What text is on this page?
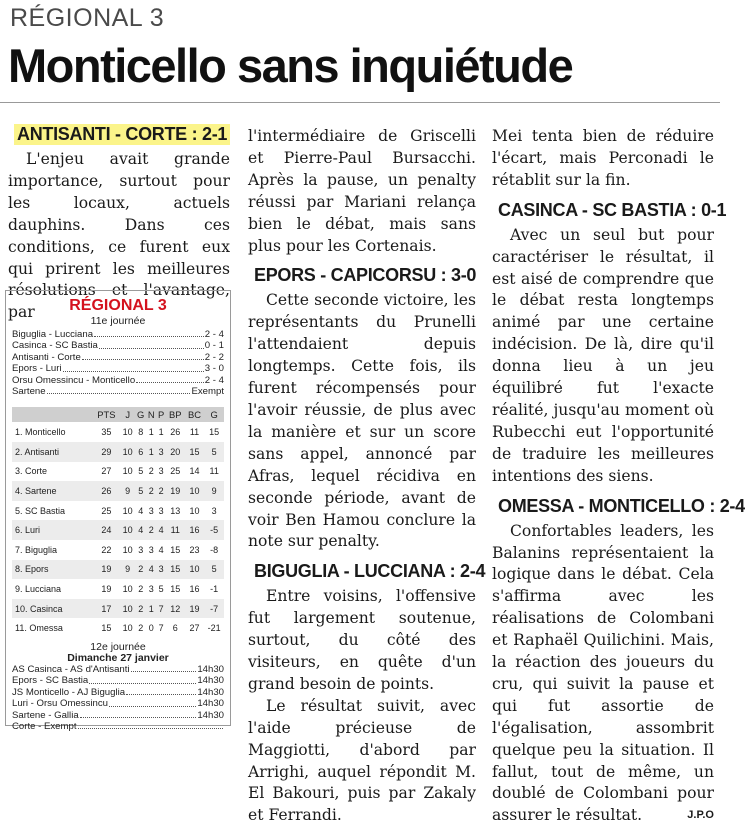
RÉGIONAL 3
Monticello sans inquiétude
ANTISANTI - CORTE : 2-1

L'enjeu avait grande importance, surtout pour les locaux, actuels dauphins. Dans ces conditions, ce furent eux qui prirent les meilleures résolutions et l'avantage, par	RÉGIONAL 3
11e journée
Biguglia - Lucciana	2 - 4
Casinca - SC Bastia	0 - 1
Antisanti - Corte	2 - 2
Epors - Luri	3 - 0
Orsu Omessincu - Monticello	2 - 4
Sartene	Exempt
	PTS	J	G	N	P	BP	BC	G
1. Monticello	35	10	8	1	1	26	11	15
2. Antisanti	29	10	6	1	3	20	15	5
3. Corte	27	10	5	2	3	25	14	11
4. Sartene	26	9	5	2	2	19	10	9
5. SC Bastia	25	10	4	3	3	13	10	3
6. Luri	24	10	4	2	4	11	16	-5
7. Biguglia	22	10	3	3	4	15	23	-8
8. Epors	19	9	2	4	3	15	10	5
9. Lucciana	19	10	2	3	5	15	16	-1
10. Casinca	17	10	2	1	7	12	19	-7
11. Omessa	15	10	2	0	7	6	27	-21
12e journée
Dimanche 27 janvier
AS Casinca - AS d'Antisanti	14h30
Epors - SC Bastia	14h30
JS Monticello - AJ Biguglia	14h30
Luri - Orsu Omessincu	14h30
Sartene - Gallia	14h30
Corte - Exempt

l'intermédiaire de Griscelli et Pierre-Paul Bursacchi. Après la pause, un penalty réussi par Mariani relança bien le débat, mais sans plus pour les Cortenais.

EPORS - CAPICORSU : 3-0

Cette seconde victoire, les représentants du Prunelli l'attendaient depuis longtemps. Cette fois, ils furent récompensés pour l'avoir réussie, de plus avec la manière et sur un score sans appel, annoncé par Afras, lequel récidiva en seconde période, avant de voir Ben Hamou conclure la note sur penalty.

BIGUGLIA - LUCCIANA : 2-4

Entre voisins, l'offensive fut largement soutenue, surtout, du côté des visiteurs, en quête d'un grand besoin de points.

Le résultat suivit, avec l'aide précieuse de Maggiotti, d'abord par Arrighi, auquel répondit M. El Bakouri, puis par Zakaly et Ferrandi.

Mei tenta bien de réduire l'écart, mais Perconadi le rétablit sur la fin.

CASINCA - SC BASTIA : 0-1

Avec un seul but pour caractériser le résultat, il est aisé de comprendre que le débat resta longtemps animé par une certaine indécision. De là, dire qu'il donna lieu à un jeu équilibré fut l'exacte réalité, jusqu'au moment où Rubecchi eut l'opportunité de traduire les meilleures intentions des siens.

OMESSA - MONTICELLO : 2-4

Confortables leaders, les Balanins représentaient la logique dans le débat. Cela s'affirma avec les réalisations de Colombani et Raphaël Quilichini. Mais, la réaction des joueurs du cru, qui suivit la pause et qui fut assortie de l'égalisation, assombrit quelque peu la situation. Il fallut, tout de même, un doublé de Colombani pour assurer le résultat.	J.P.O
